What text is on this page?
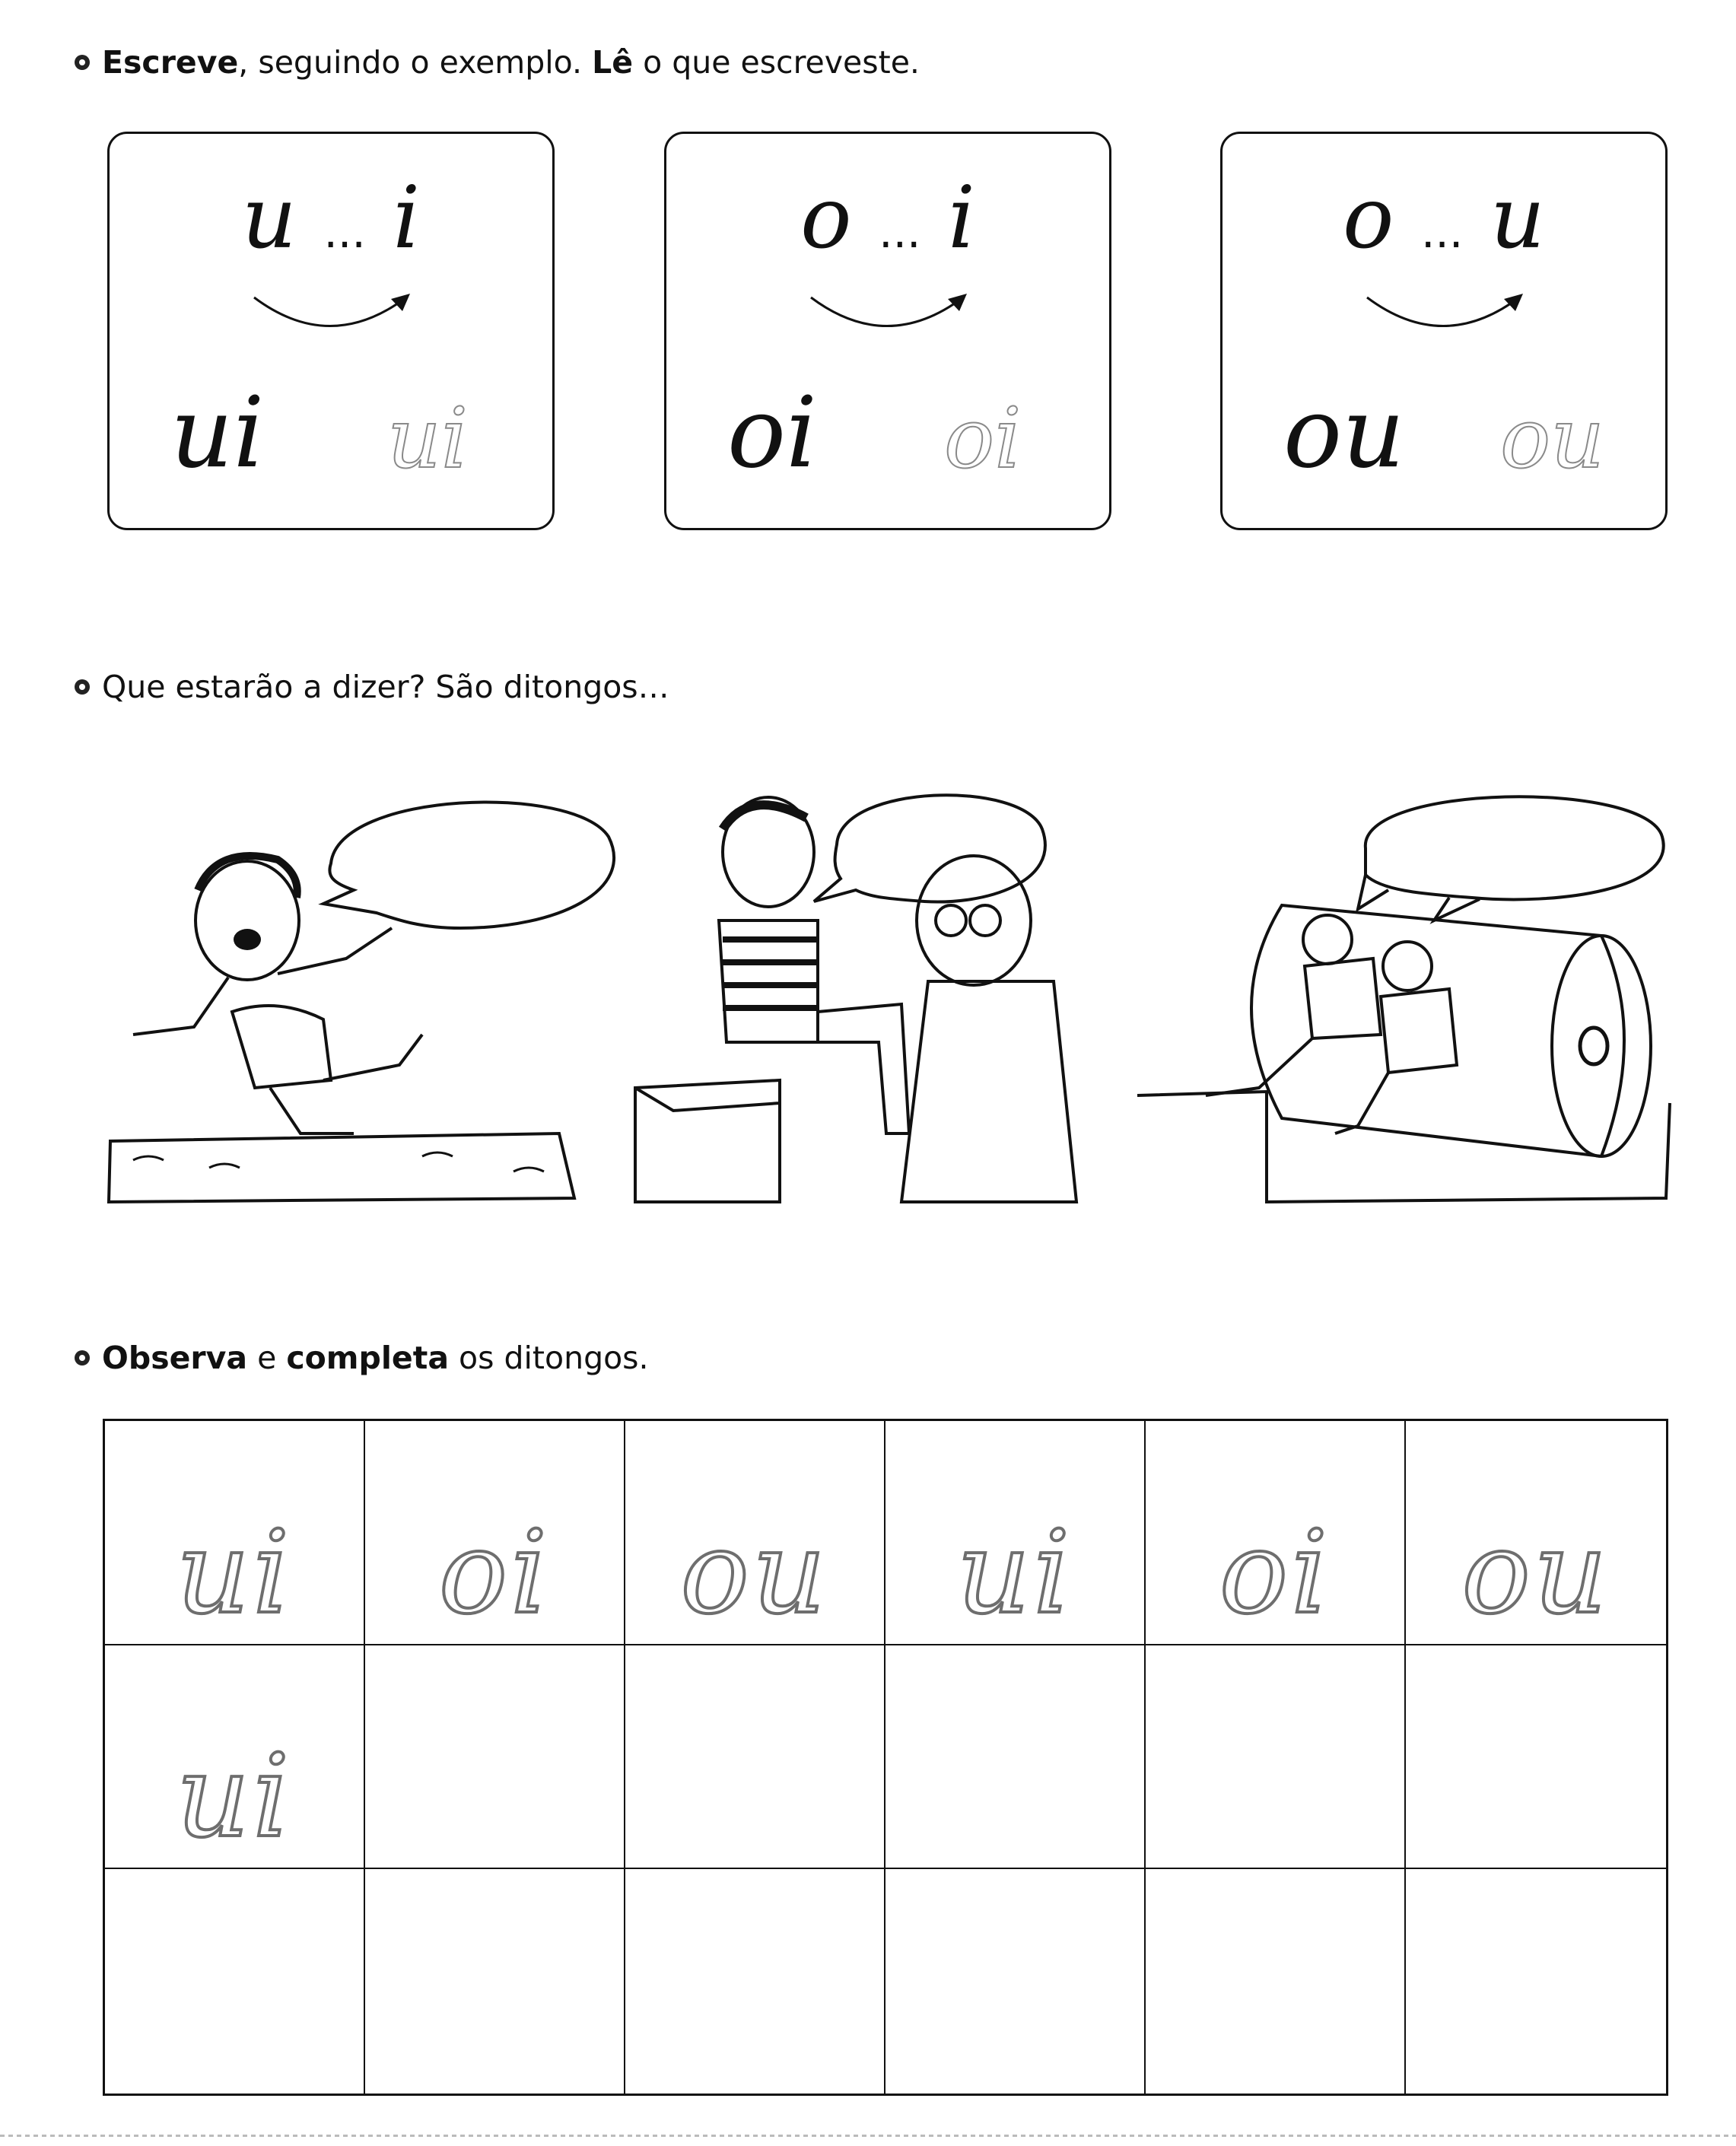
Escreve, seguindo o exemplo. Lê o que escreveste.
u ... i
ui ui
o ... i
oi oi
o ... u
ou ou
Que estarão a dizer? São ditongos…
Observa e completa os ditongos.
ui oi ou ui oi ou
ui
